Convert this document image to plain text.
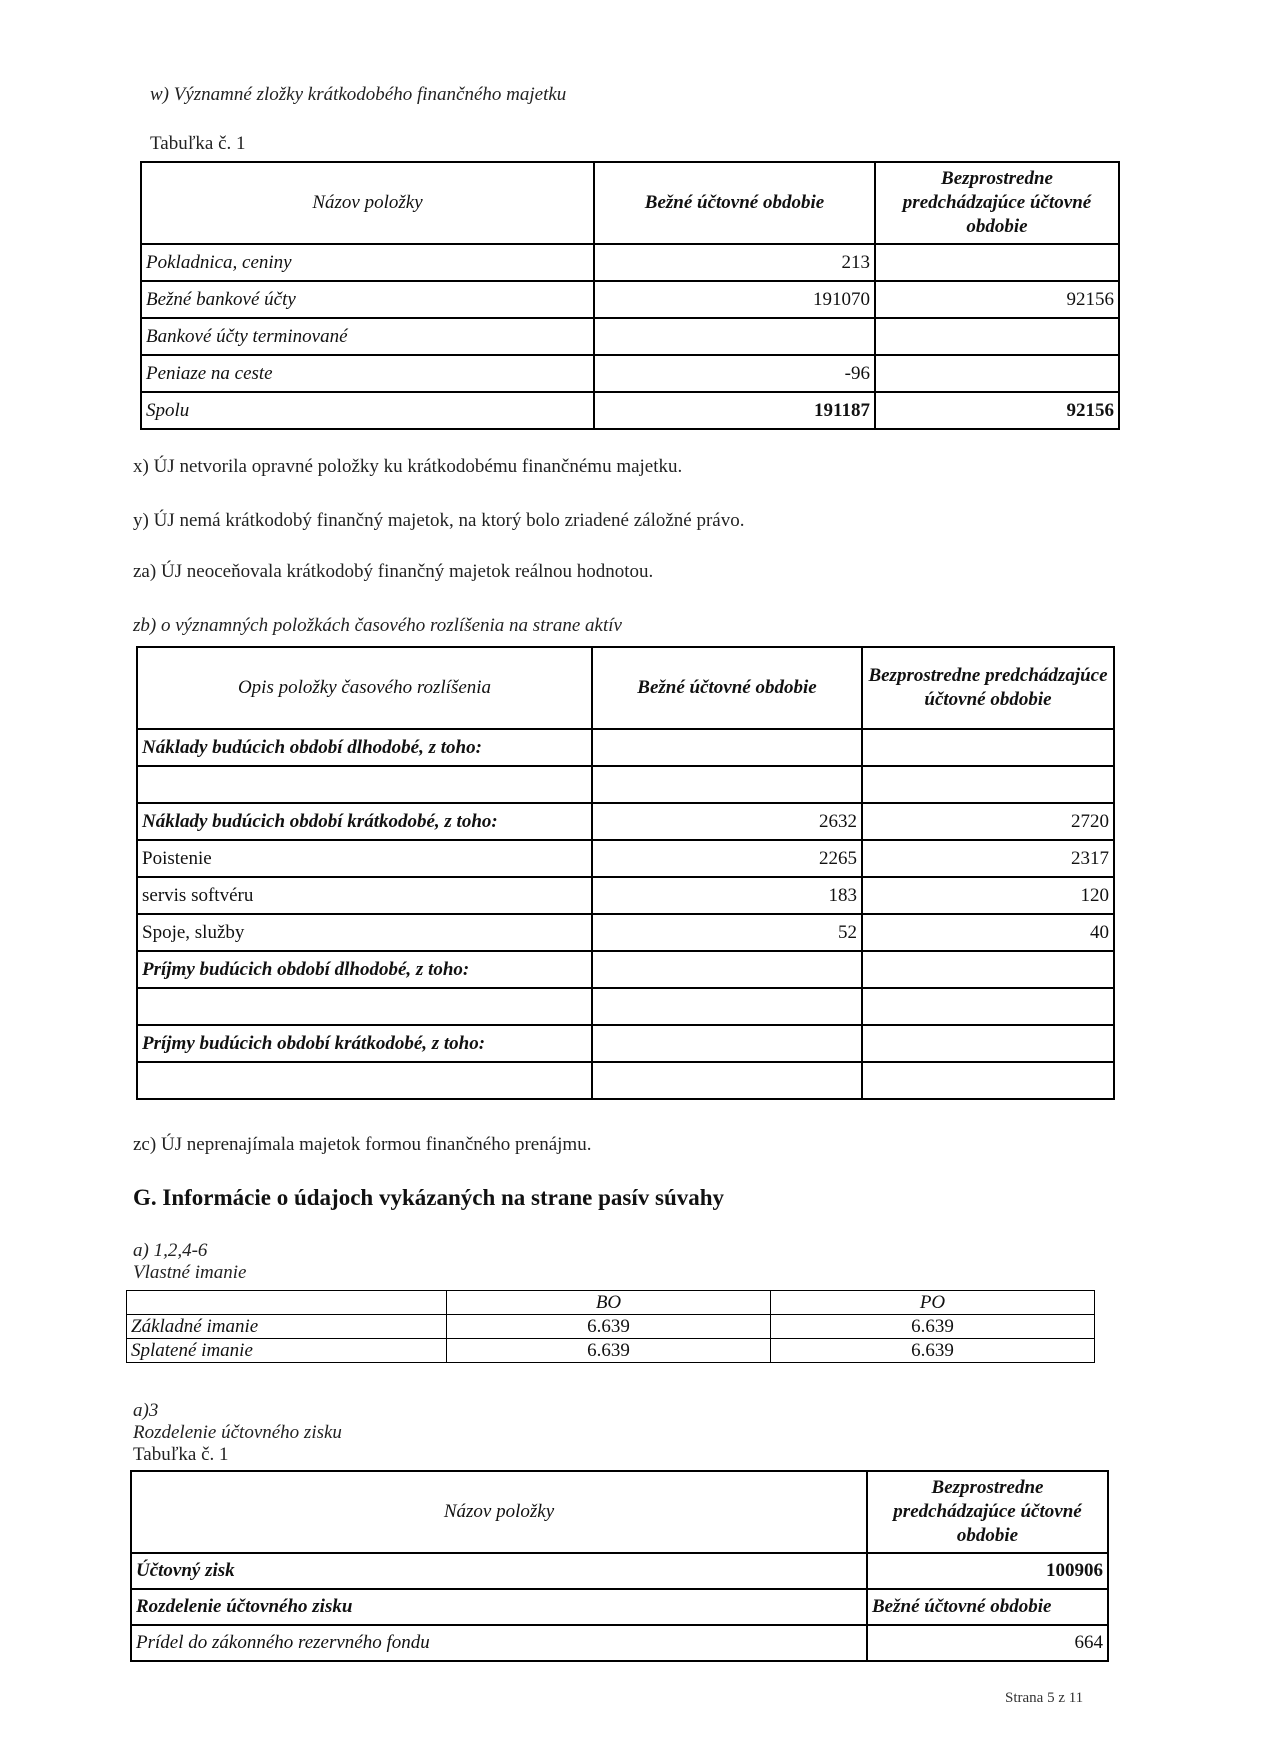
w) Významné zložky krátkodobého finančného majetku
Tabuľka č. 1
Názov položky	Bežné účtovné obdobie	Bezprostredne predchádzajúce účtovné obdobie
Pokladnica, ceniny	213	
Bežné bankové účty	191070	92156
Bankové účty terminované		
Peniaze na ceste	-96	
Spolu	191187	92156
x) ÚJ netvorila opravné položky ku krátkodobému finančnému majetku.
y) ÚJ nemá krátkodobý finančný majetok, na ktorý bolo zriadené záložné právo.
za) ÚJ neoceňovala krátkodobý finančný majetok reálnou hodnotou.
zb) o významných položkách časového rozlíšenia na strane aktív
Opis položky časového rozlíšenia	Bežné účtovné obdobie	Bezprostredne predchádzajúce účtovné obdobie
Náklady budúcich období dlhodobé, z toho:		

Náklady budúcich období krátkodobé, z toho:	2632	2720
Poistenie	2265	2317
servis softvéru	183	120
Spoje, služby	52	40
Príjmy budúcich období dlhodobé, z toho:		

Príjmy budúcich období krátkodobé, z toho:		

zc) ÚJ neprenajímala majetok formou finančného prenájmu.
G. Informácie o údajoch vykázaných na strane pasív súvahy
a) 1,2,4-6
Vlastné imanie
	BO	PO
Základné imanie	6.639	6.639
Splatené imanie	6.639	6.639
a)3
Rozdelenie účtovného zisku
Tabuľka č. 1
Názov položky	Bezprostredne predchádzajúce účtovné obdobie
Účtovný zisk	100906
Rozdelenie účtovného zisku	Bežné účtovné obdobie
Prídel do zákonného rezervného fondu	664
Strana 5 z 11
